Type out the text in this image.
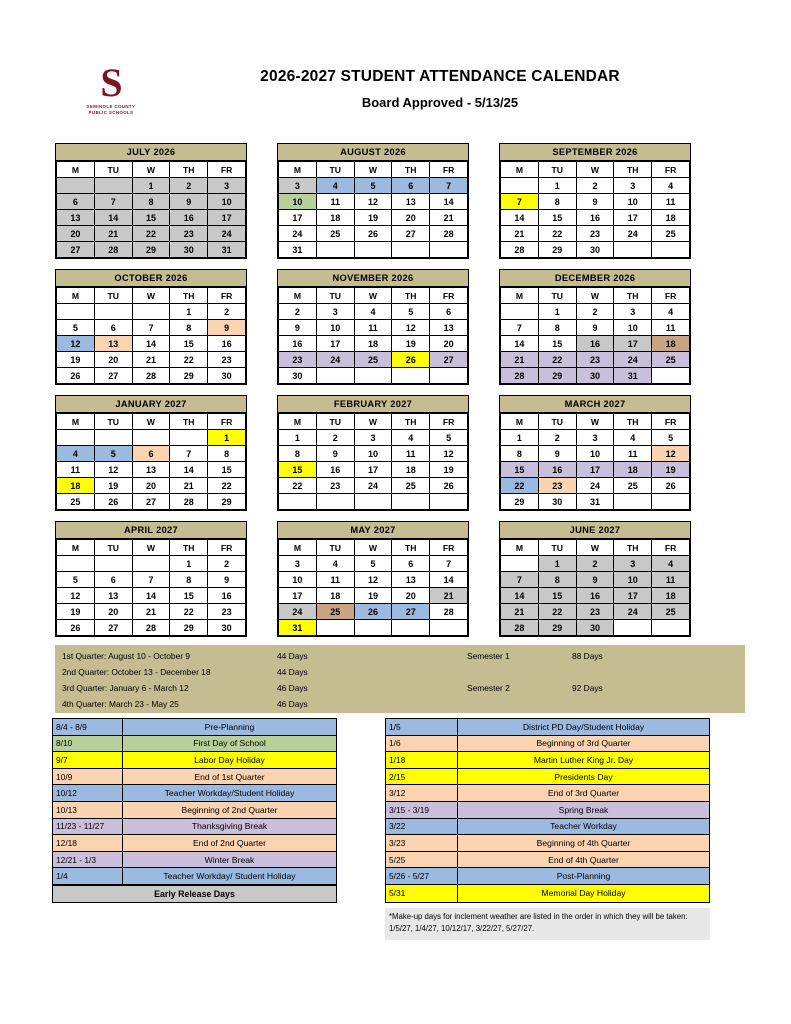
S
SEMINOLE COUNTY
PUBLIC SCHOOLS
2026-2027 STUDENT ATTENDANCE CALENDAR
Board Approved - 5/13/25
JULY 2026
M	TU	W	TH	FR
		1	2	3
6	7	8	9	10
13	14	15	16	17
20	21	22	23	24
27	28	29	30	31
AUGUST 2026
M	TU	W	TH	FR
3	4	5	6	7
10	11	12	13	14
17	18	19	20	21
24	25	26	27	28
31				
SEPTEMBER 2026
M	TU	W	TH	FR
	1	2	3	4
7	8	9	10	11
14	15	16	17	18
21	22	23	24	25
28	29	30		
OCTOBER 2026
M	TU	W	TH	FR
			1	2
5	6	7	8	9
12	13	14	15	16
19	20	21	22	23
26	27	28	29	30
NOVEMBER 2026
M	TU	W	TH	FR
2	3	4	5	6
9	10	11	12	13
16	17	18	19	20
23	24	25	26	27
30				
DECEMBER 2026
M	TU	W	TH	FR
	1	2	3	4
7	8	9	10	11
14	15	16	17	18
21	22	23	24	25
28	29	30	31	
JANUARY 2027
M	TU	W	TH	FR
				1
4	5	6	7	8
11	12	13	14	15
18	19	20	21	22
25	26	27	28	29
FEBRUARY 2027
M	TU	W	TH	FR
1	2	3	4	5
8	9	10	11	12
15	16	17	18	19
22	23	24	25	26

MARCH 2027
M	TU	W	TH	FR
1	2	3	4	5
8	9	10	11	12
15	16	17	18	19
22	23	24	25	26
29	30	31		
APRIL 2027
M	TU	W	TH	FR
			1	2
5	6	7	8	9
12	13	14	15	16
19	20	21	22	23
26	27	28	29	30
MAY 2027
M	TU	W	TH	FR
3	4	5	6	7
10	11	12	13	14
17	18	19	20	21
24	25	26	27	28
31				
JUNE 2027
M	TU	W	TH	FR
	1	2	3	4
7	8	9	10	11
14	15	16	17	18
21	22	23	24	25
28	29	30		
1st Quarter: August 10 - October 9	44 Days	Semester 1	88 Days
2nd Quarter: October 13 - December 18	44 Days
3rd Quarter: January 6 - March 12	46 Days	Semester 2	92 Days
4th Quarter: March 23 - May 25	46 Days
8/4 - 8/9	Pre-Planning
8/10	First Day of School
9/7	Labor Day Holiday
10/9	End of 1st Quarter
10/12	Teacher Workday/Student Holiday
10/13	Beginning of 2nd Quarter
11/23 - 11/27	Thanksgiving Break
12/18	End of 2nd Quarter
12/21 - 1/3	Winter Break
1/4	Teacher Workday/ Student Holiday
Early Release Days
1/5	District PD Day/Student Holiday
1/6	Beginning of 3rd Quarter
1/18	Martin Luther King Jr. Day
2/15	Presidents Day
3/12	End of 3rd Quarter
3/15 - 3/19	Spring Break
3/22	Teacher Workday
3/23	Beginning of 4th Quarter
5/25	End of 4th Quarter
5/26 - 5/27	Post-Planning
5/31	Memorial Day Holiday
*Make-up days for inclement weather are listed in the order in which they will be taken: 1/5/27, 1/4/27, 10/12/17, 3/22/27, 5/27/27.
